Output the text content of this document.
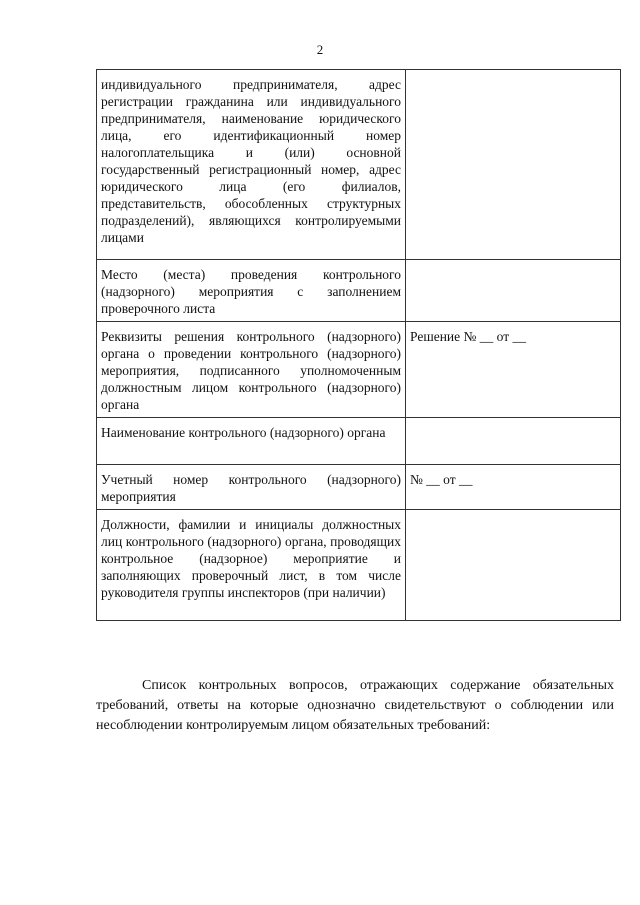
2
индивидуального предпринимателя, адрес регистрации гражданина или индивидуального предпринимателя, наименование юридического лица, его идентификационный номер налогоплательщика и (или) основной государственный регистрационный номер, адрес юридического лица (его филиалов, представительств, обособленных структурных подразделений), являющихся контролируемыми лицами	
Место (места) проведения контрольного (надзорного) мероприятия с заполнением проверочного листа	
Реквизиты решения контрольного (надзорного) органа о проведении контрольного (надзорного) мероприятия, подписанного уполномоченным должностным лицом контрольного (надзорного) органа	Решение № __ от __
Наименование контрольного (надзорного) органа	
Учетный номер контрольного (надзорного) мероприятия	№ __ от __
Должности, фамилии и инициалы должностных лиц контрольного (надзорного) органа, проводящих контрольное (надзорное) мероприятие и заполняющих проверочный лист, в том числе руководителя группы инспекторов (при наличии)	

Список контрольных вопросов, отражающих содержание обязательных требований, ответы на которые однозначно свидетельствуют о соблюдении или несоблюдении контролируемым лицом обязательных требований:
